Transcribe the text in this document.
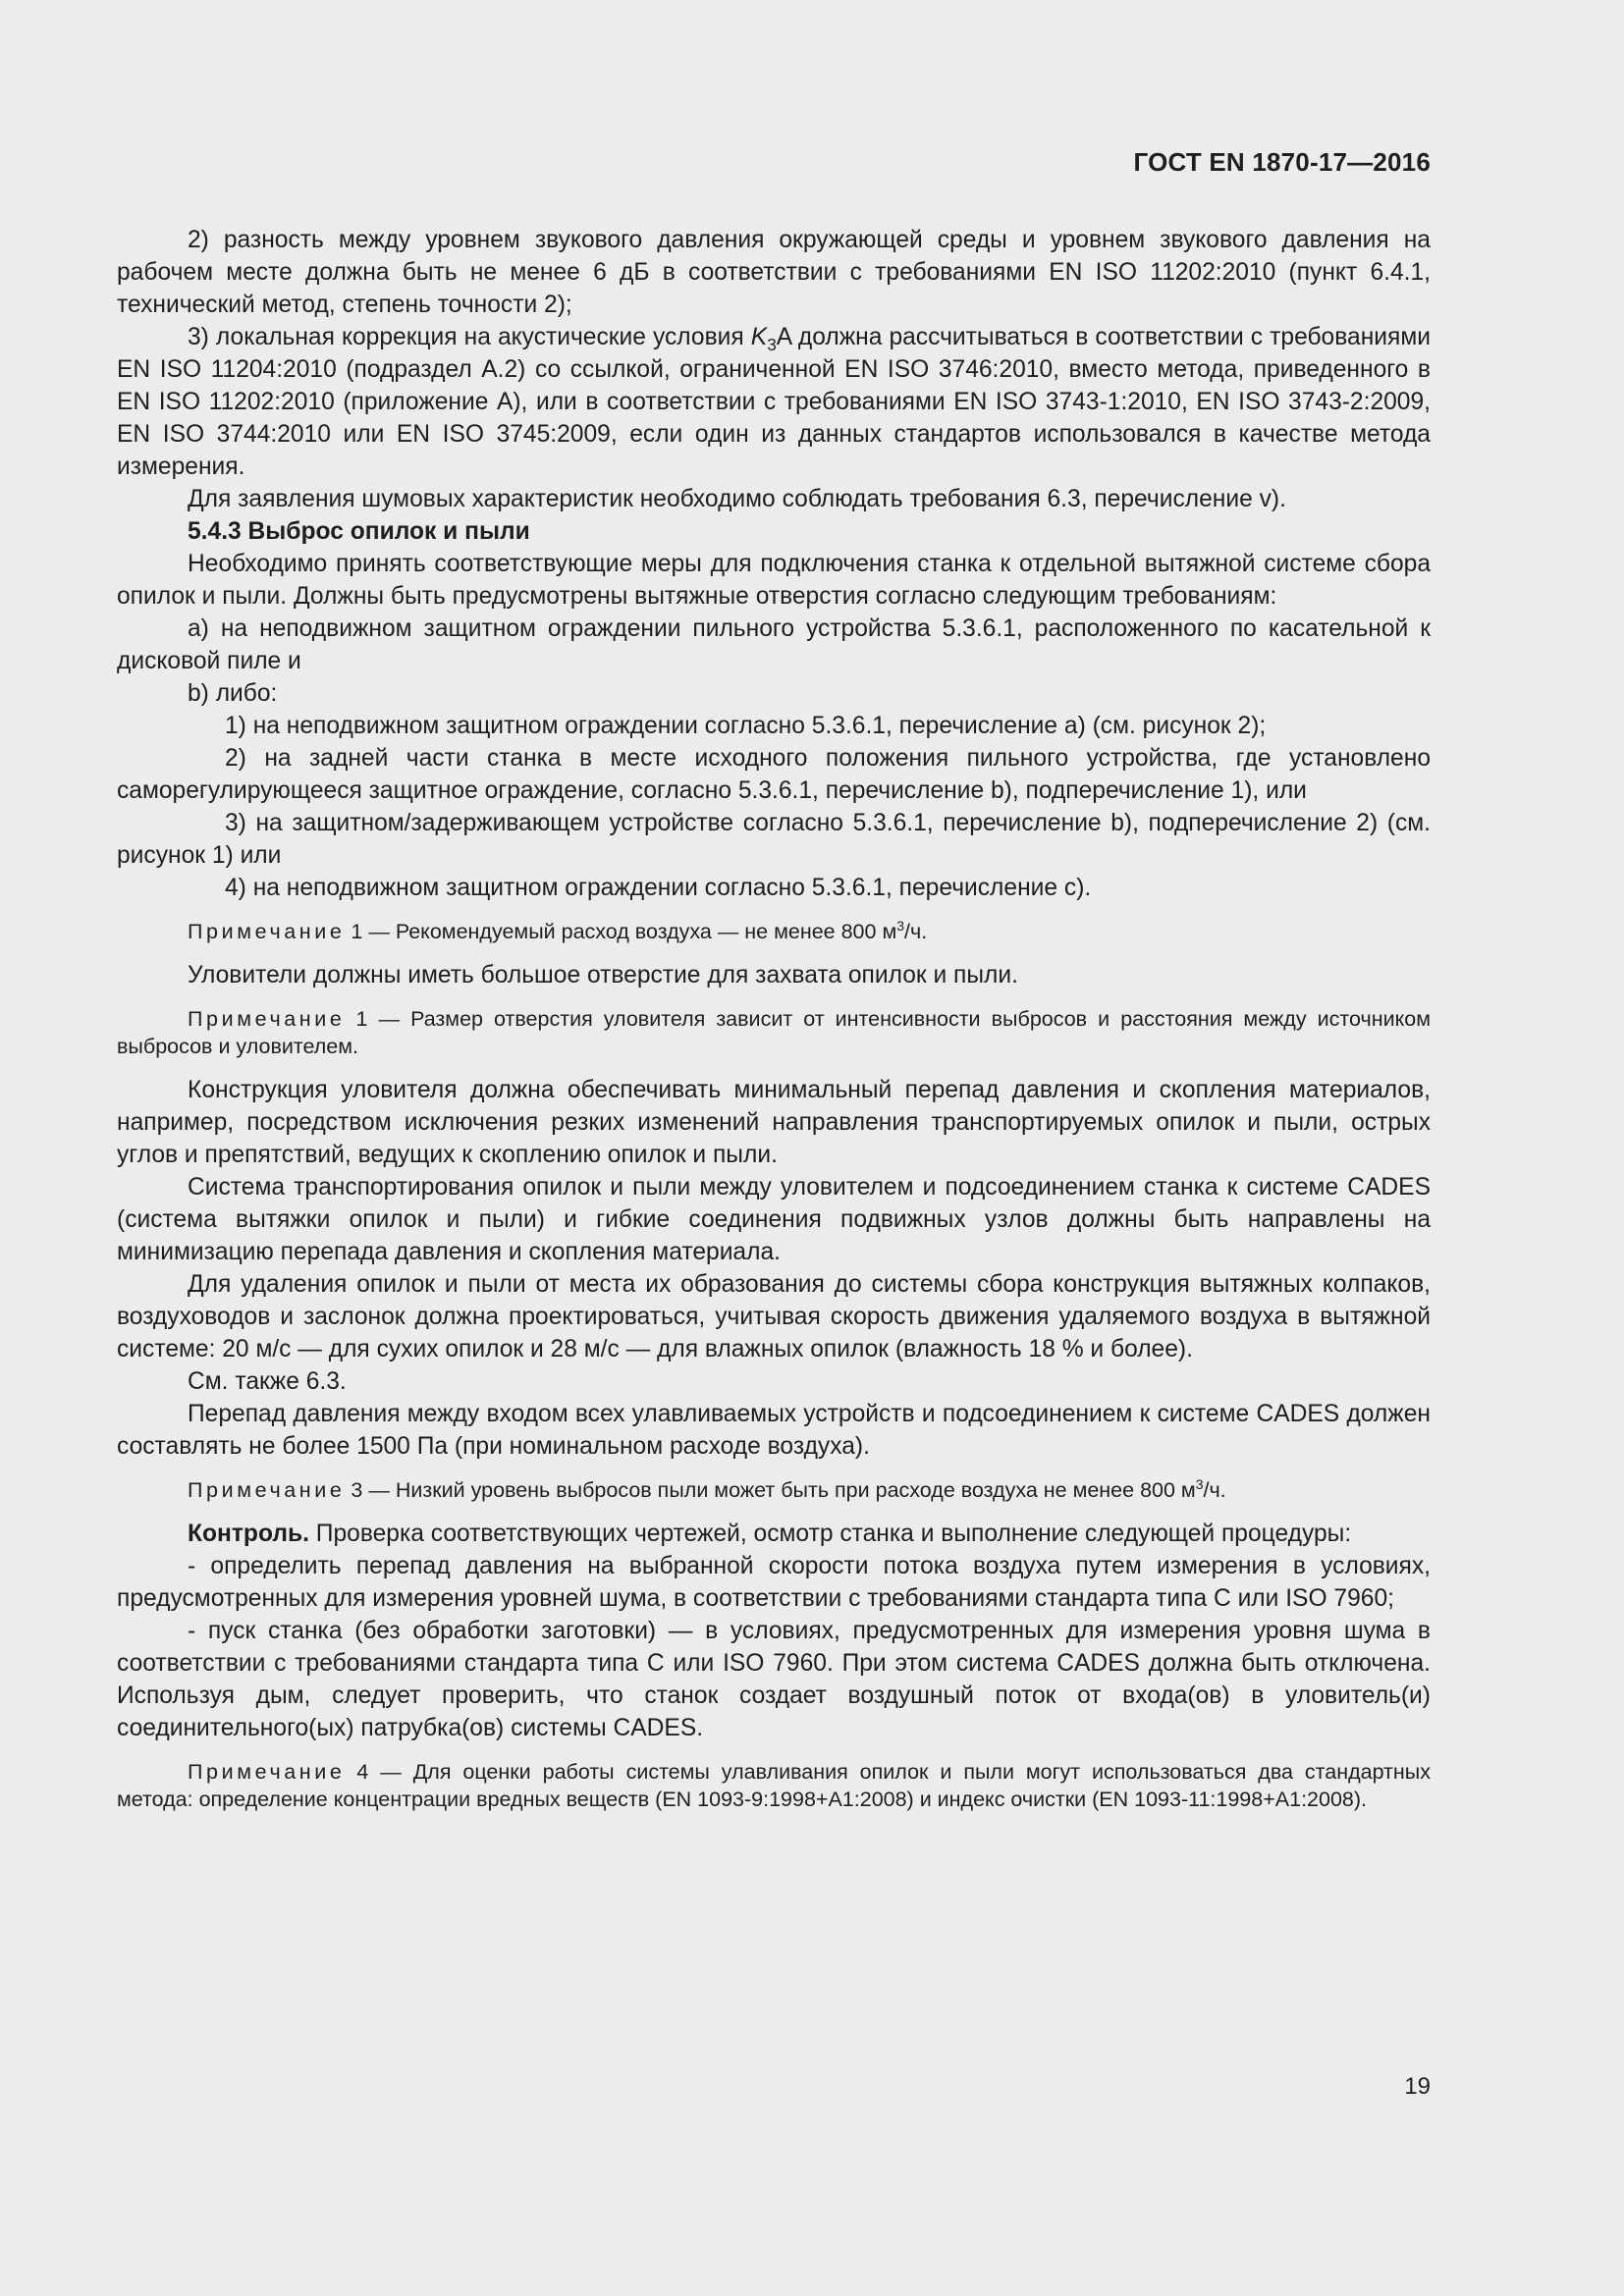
ГОСТ EN 1870-17—2016

2) разность между уровнем звукового давления окружающей среды и уровнем звукового давления на рабочем месте должна быть не менее 6 дБ в соответствии с требованиями EN ISO 11202:2010 (пункт 6.4.1, технический метод, степень точности 2);

3) локальная коррекция на акустические условия $K_3A$ должна рассчитываться в соответствии с требованиями EN ISO 11204:2010 (подраздел А.2) со ссылкой, ограниченной EN ISO 3746:2010, вместо метода, приведенного в EN ISO 11202:2010 (приложение А), или в соответствии с требованиями EN ISO 3743-1:2010, EN ISO 3743-2:2009, EN ISO 3744:2010 или EN ISO 3745:2009, если один из данных стандартов использовался в качестве метода измерения.

Для заявления шумовых характеристик необходимо соблюдать требования 6.3, перечисление v).

5.4.3 Выброс опилок и пыли

Необходимо принять соответствующие меры для подключения станка к отдельной вытяжной системе сбора опилок и пыли. Должны быть предусмотрены вытяжные отверстия согласно следующим требованиям:

a) на неподвижном защитном ограждении пильного устройства 5.3.6.1, расположенного по касательной к дисковой пиле и

b) либо:

1) на неподвижном защитном ограждении согласно 5.3.6.1, перечисление a) (см. рисунок 2);

2) на задней части станка в месте исходного положения пильного устройства, где установлено саморегулирующееся защитное ограждение, согласно 5.3.6.1, перечисление b), подперечисление 1), или

3) на защитном/задерживающем устройстве согласно 5.3.6.1, перечисление b), подперечисление 2) (см. рисунок 1) или

4) на неподвижном защитном ограждении согласно 5.3.6.1, перечисление c).

Примечание 1 — Рекомендуемый расход воздуха — не менее 800 $м^3/ч$.

Уловители должны иметь большое отверстие для захвата опилок и пыли.

Примечание 1 — Размер отверстия уловителя зависит от интенсивности выбросов и расстояния между источником выбросов и уловителем.

Конструкция уловителя должна обеспечивать минимальный перепад давления и скопления материалов, например, посредством исключения резких изменений направления транспортируемых опилок и пыли, острых углов и препятствий, ведущих к скоплению опилок и пыли.

Система транспортирования опилок и пыли между уловителем и подсоединением станка к системе CADES (система вытяжки опилок и пыли) и гибкие соединения подвижных узлов должны быть направлены на минимизацию перепада давления и скопления материала.

Для удаления опилок и пыли от места их образования до системы сбора конструкция вытяжных колпаков, воздуховодов и заслонок должна проектироваться, учитывая скорость движения удаляемого воздуха в вытяжной системе: 20 м/с — для сухих опилок и 28 м/с — для влажных опилок (влажность 18 % и более).

См. также 6.3.

Перепад давления между входом всех улавливаемых устройств и подсоединением к системе CADES должен составлять не более 1500 Па (при номинальном расходе воздуха).

Примечание 3 — Низкий уровень выбросов пыли может быть при расходе воздуха не менее 800 $м^3/ч$.

Контроль. Проверка соответствующих чертежей, осмотр станка и выполнение следующей процедуры:

- определить перепад давления на выбранной скорости потока воздуха путем измерения в условиях, предусмотренных для измерения уровней шума, в соответствии с требованиями стандарта типа C или ISO 7960;

- пуск станка (без обработки заготовки) — в условиях, предусмотренных для измерения уровня шума в соответствии с требованиями стандарта типа C или ISO 7960. При этом система CADES должна быть отключена. Используя дым, следует проверить, что станок создает воздушный поток от входа(ов) в уловитель(и) соединительного(ых) патрубка(ов) системы CADES.

Примечание 4 — Для оценки работы системы улавливания опилок и пыли могут использоваться два стандартных метода: определение концентрации вредных веществ (EN 1093-9:1998+A1:2008) и индекс очистки (EN 1093-11:1998+A1:2008).

19
